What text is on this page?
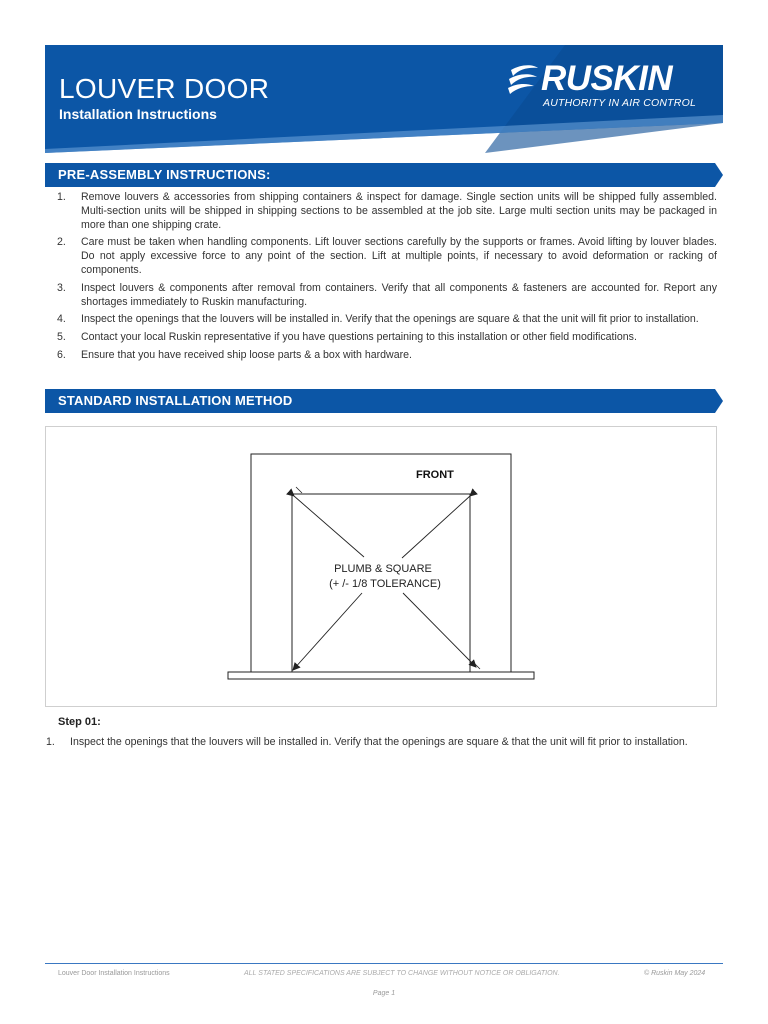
LOUVER DOOR
Installation Instructions
RUSKIN
AUTHORITY IN AIR CONTROL
PRE-ASSEMBLY INSTRUCTIONS:
1. Remove louvers & accessories from shipping containers & inspect for damage. Single section units will be shipped fully assembled. Multi-section units will be shipped in shipping sections to be assembled at the job site. Large multi section units may be packaged in more than one shipping crate.
2. Care must be taken when handling components. Lift louver sections carefully by the supports or frames. Avoid lifting by louver blades. Do not apply excessive force to any point of the section. Lift at multiple points, if necessary to avoid deformation or racking of components.
3. Inspect louvers & components after removal from containers. Verify that all components & fasteners are accounted for. Report any shortages immediately to Ruskin manufacturing.
4. Inspect the openings that the louvers will be installed in. Verify that the openings are square & that the unit will fit prior to installation.
5. Contact your local Ruskin representative if you have questions pertaining to this installation or other field modifications.
6. Ensure that you have received ship loose parts & a box with hardware.
STANDARD INSTALLATION METHOD
FRONT
PLUMB & SQUARE
(+ /- 1/8 TOLERANCE)
Step 01:

1. Inspect the openings that the louvers will be installed in. Verify that the openings are square & that the unit will fit prior to installation.

Louver Door Installation Instructions	ALL STATED SPECIFICATIONS ARE SUBJECT TO CHANGE WITHOUT NOTICE OR OBLIGATION.	© Ruskin May 2024
Page 1
